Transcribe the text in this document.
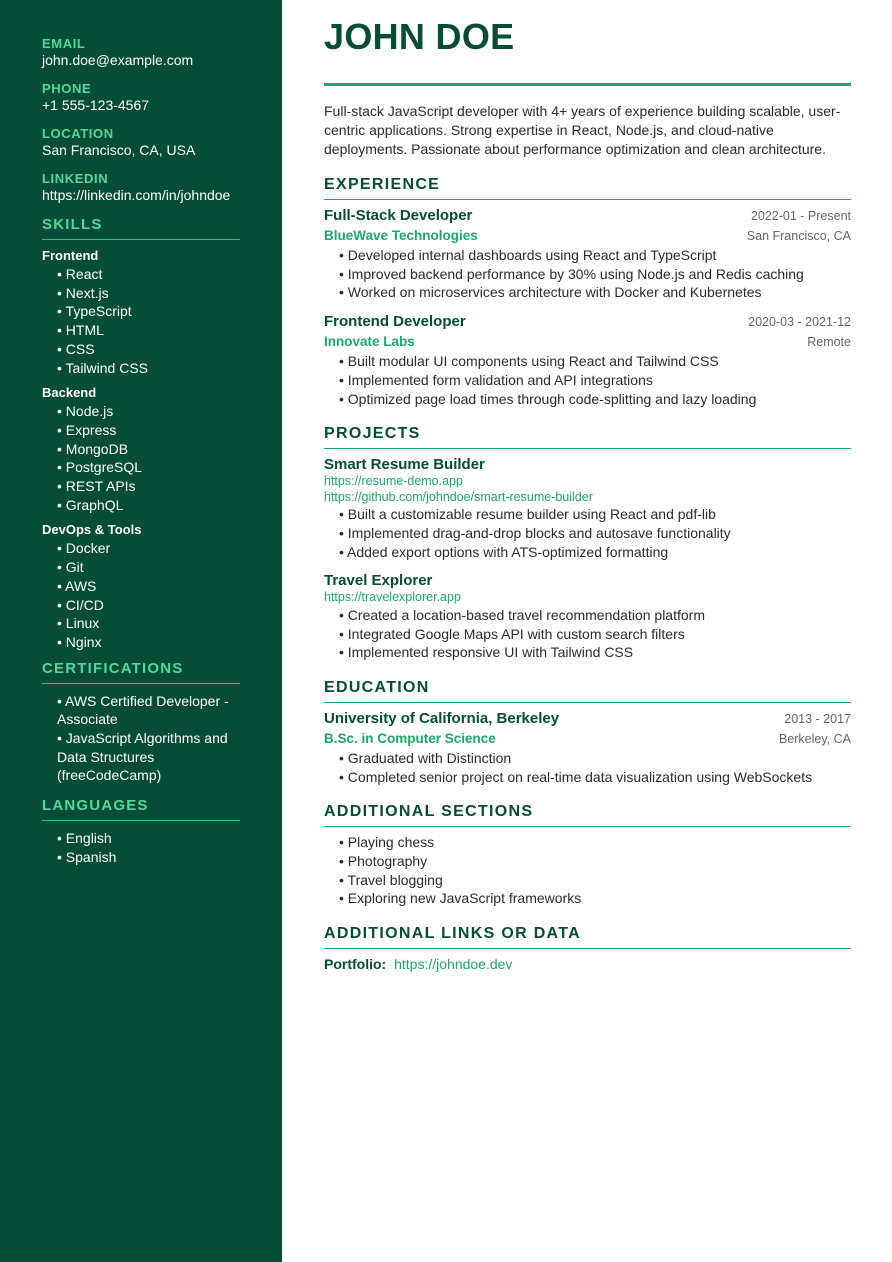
EMAIL
john.doe@example.com
PHONE
+1 555-123-4567
LOCATION
San Francisco, CA, USA
LINKEDIN
https://linkedin.com/in/johndoe
SKILLS
Frontend
• React
• Next.js
• TypeScript
• HTML
• CSS
• Tailwind CSS
Backend
• Node.js
• Express
• MongoDB
• PostgreSQL
• REST APIs
• GraphQL
DevOps & Tools
• Docker
• Git
• AWS
• CI/CD
• Linux
• Nginx
CERTIFICATIONS
• AWS Certified Developer - Associate
• JavaScript Algorithms and Data Structures (freeCodeCamp)
LANGUAGES
• English
• Spanish
JOHN DOE

Full-stack JavaScript developer with 4+ years of experience building scalable, user-centric applications. Strong expertise in React, Node.js, and cloud-native deployments. Passionate about performance optimization and clean architecture.

EXPERIENCE
Full-Stack Developer	2022-01 - Present
BlueWave Technologies	San Francisco, CA
• Developed internal dashboards using React and TypeScript
• Improved backend performance by 30% using Node.js and Redis caching
• Worked on microservices architecture with Docker and Kubernetes
Frontend Developer	2020-03 - 2021-12
Innovate Labs	Remote
• Built modular UI components using React and Tailwind CSS
• Implemented form validation and API integrations
• Optimized page load times through code-splitting and lazy loading
PROJECTS
Smart Resume Builder
https://resume-demo.app
https://github.com/johndoe/smart-resume-builder
• Built a customizable resume builder using React and pdf-lib
• Implemented drag-and-drop blocks and autosave functionality
• Added export options with ATS-optimized formatting
Travel Explorer
https://travelexplorer.app
• Created a location-based travel recommendation platform
• Integrated Google Maps API with custom search filters
• Implemented responsive UI with Tailwind CSS
EDUCATION
University of California, Berkeley	2013 - 2017
B.Sc. in Computer Science	Berkeley, CA
• Graduated with Distinction
• Completed senior project on real-time data visualization using WebSockets
ADDITIONAL SECTIONS
• Playing chess
• Photography
• Travel blogging
• Exploring new JavaScript frameworks
ADDITIONAL LINKS OR DATA
Portfolio: https://johndoe.dev
